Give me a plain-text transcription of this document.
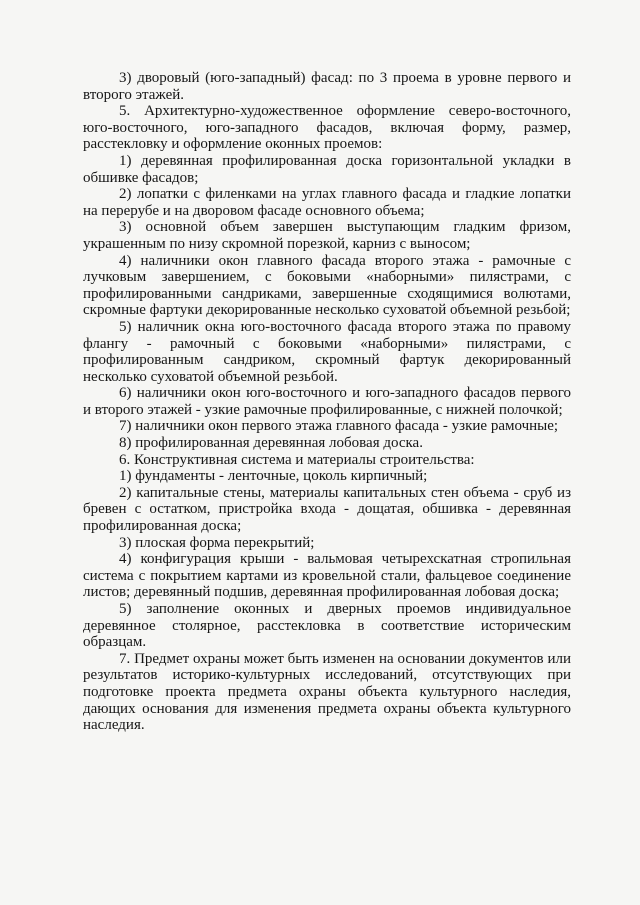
3) дворовый (юго-западный) фасад: по 3 проема в уровне первого и второго этажей.

5. Архитектурно-художественное оформление северо-восточного, юго-восточного, юго-западного фасадов, включая форму, размер, расстекловку и оформление оконных проемов:

1) деревянная профилированная доска горизонтальной укладки в обшивке фасадов;

2) лопатки с филенками на углах главного фасада и гладкие лопатки на перерубе и на дворовом фасаде основного объема;

3) основной объем завершен выступающим гладким фризом, украшенным по низу скромной порезкой, карниз с выносом;

4) наличники окон главного фасада второго этажа - рамочные с лучковым завершением, с боковыми «наборными» пилястрами, с профилированными сандриками, завершенные сходящимися волютами, скромные фартуки декорированные несколько суховатой объемной резьбой;

5) наличник окна юго-восточного фасада второго этажа по правому флангу - рамочный с боковыми «наборными» пилястрами, с профилированным сандриком, скромный фартук декорированный несколько суховатой объемной резьбой.

6) наличники окон юго-восточного и юго-западного фасадов первого и второго этажей - узкие рамочные профилированные, с нижней полочкой;

7) наличники окон первого этажа главного фасада - узкие рамочные;

8) профилированная деревянная лобовая доска.

6. Конструктивная система и материалы строительства:

1) фундаменты - ленточные, цоколь кирпичный;

2) капитальные стены, материалы капитальных стен объема - сруб из бревен с остатком, пристройка входа - дощатая, обшивка - деревянная профилированная доска;

3) плоская форма перекрытий;

4) конфигурация крыши - вальмовая четырехскатная стропильная система с покрытием картами из кровельной стали, фальцевое соединение листов; деревянный подшив, деревянная профилированная лобовая доска;

5) заполнение оконных и дверных проемов индивидуальное деревянное столярное, расстекловка в соответствие историческим образцам.

7. Предмет охраны может быть изменен на основании документов или результатов историко-культурных исследований, отсутствующих при подготовке проекта предмета охраны объекта культурного наследия, дающих основания для изменения предмета охраны объекта культурного наследия.
